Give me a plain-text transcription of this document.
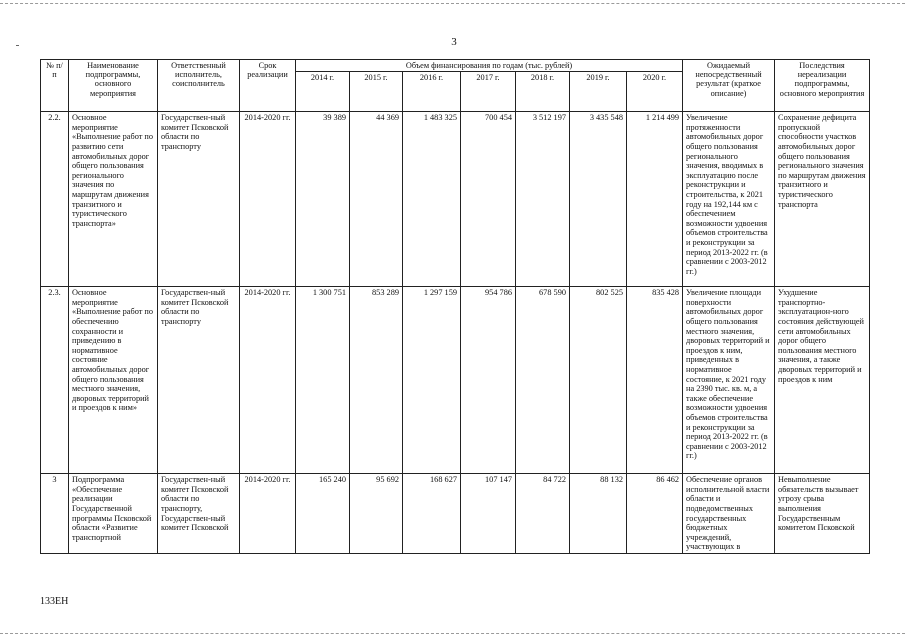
3
№ п/п	Наименование подпрограммы, основного мероприятия	Ответственный исполнитель, соисполнитель	Срок реализации	Объем финансирования по годам (тыс. рублей)							Ожидаемый непосредственный результат (краткое описание)	Последствия нереализации подпрограммы, основного мероприятия
				2014 г.	2015 г.	2016 г.	2017 г.	2018 г.	2019 г.	2020 г.		
2.2.	Основное мероприятие «Выполнение работ по развитию сети автомобильных дорог общего пользования регионального значения по маршрутам движения транзитного и туристического транспорта»	Государствен-ный комитет Псковской области по транспорту	2014-2020 гг.	39 389	44 369	1 483 325	700 454	3 512 197	3 435 548	1 214 499	Увеличение протяженности автомобильных дорог общего пользования регионального значения, вводимых в эксплуатацию после реконструкции и строительства, к 2021 году на 192,144 км с обеспечением возможности удвоения объемов строительства и реконструкции за период 2013-2022 гг. (в сравнении с 2003-2012 гг.)	Сохранение дефицита пропускной способности участков автомобильных дорог общего пользования регионального значения по маршрутам движения транзитного и туристического транспорта
2.3.	Основное мероприятие «Выполнение работ по обеспечению сохранности и приведению в нормативное состояние автомобильных дорог общего пользования местного значения, дворовых территорий и проездов к ним»	Государствен-ный комитет Псковской области по транспорту	2014-2020 гг.	1 300 751	853 289	1 297 159	954 786	678 590	802 525	835 428	Увеличение площади поверхности автомобильных дорог общего пользования местного значения, дворовых территорий и проездов к ним, приведенных в нормативное состояние, к 2021 году на 2390 тыс. кв. м, а также обеспечение возможности удвоения объемов строительства и реконструкции за период 2013-2022 гг. (в сравнении с 2003-2012 гг.)	Ухудшение транспортно-эксплуатацион-ного состояния действующей сети автомобильных дорог общего пользования местного значения, а также дворовых территорий и проездов к ним
3	Подпрограмма «Обеспечение реализации Государственной программы Псковской области «Развитие транспортной	Государствен-ный комитет Псковской области по транспорту, Государствен-ный комитет Псковской	2014-2020 гг.	165 240	95 692	168 627	107 147	84 722	88 132	86 462	Обеспечение органов исполнительной власти области и подведомственных государственных бюджетных учреждений, участвующих в	Невыполнение обязательств вызывает угрозу срыва выполнения Государственным комитетом Псковской
133ЕН
